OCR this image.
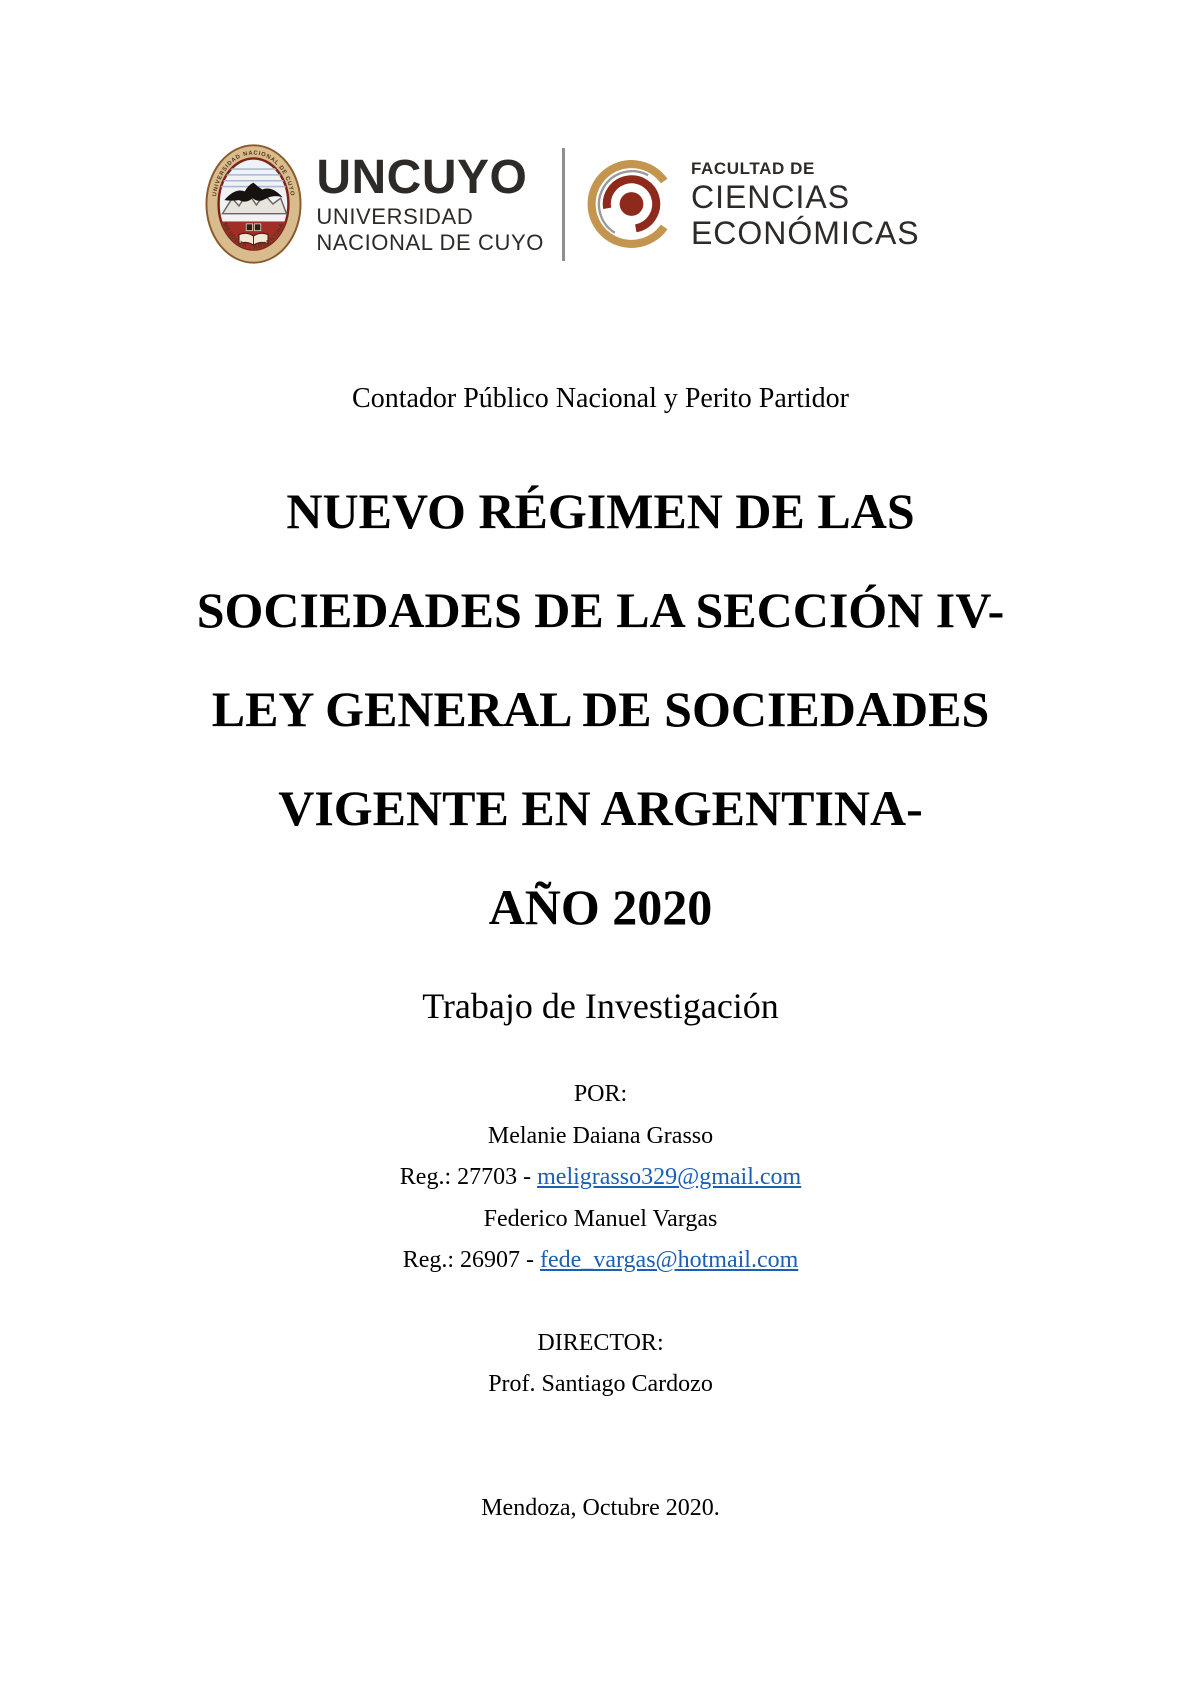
UNIVERSIDAD NACIONAL DE CUYO
MENDOZA · ARGENTINA
UNCUYO
UNIVERSIDAD
NACIONAL DE CUYO
FACULTAD DE
CIENCIAS
ECONÓMICAS

Contador Público Nacional y Perito Partidor

NUEVO RÉGIMEN DE LAS
SOCIEDADES DE LA SECCIÓN IV-
LEY GENERAL DE SOCIEDADES
VIGENTE EN ARGENTINA-
AÑO 2020

Trabajo de Investigación

POR:

Melanie Daiana Grasso

Reg.: 27703 - meligrasso329@gmail.com

Federico Manuel Vargas

Reg.: 26907 - fede_vargas@hotmail.com

DIRECTOR:

Prof. Santiago Cardozo

Mendoza, Octubre 2020.
